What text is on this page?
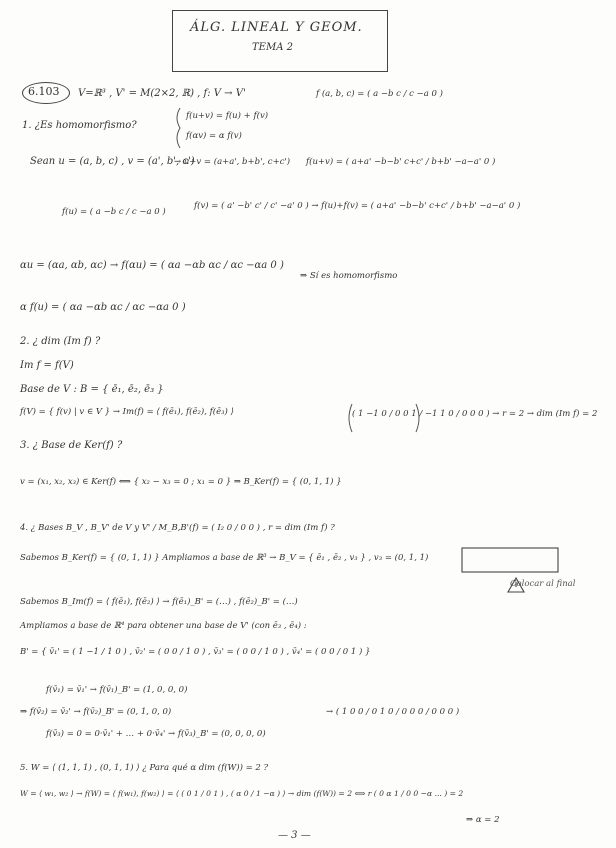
ÁLG. LINEAL Y GEOM.
TEMA 2
6.103 V=ℝ³ , V' = M(2×2, ℝ) , f: V → V'	f (a, b, c) = ( a −b c / c −a 0 )
1. ¿Es homomorfismo?
f(u+v) = f(u) + f(v)
f(αv) = α f(v)
Sean u = (a, b, c) , v = (a', b', c')
→ u+v = (a+a', b+b', c+c') f(u+v) = ( a+a' −b−b' c+c' / b+b' −a−a' 0 )
f(u) = ( a −b c / c −a 0 )
f(v) = ( a' −b' c' / c' −a' 0 ) → f(u)+f(v) = ( a+a' −b−b' c+c' / b+b' −a−a' 0 )
αu = (αa, αb, αc) → f(αu) = ( αa −αb αc / αc −αa 0 )
⇒ Sí es homomorfismo
α f(u) = ( αa −αb αc / αc −αa 0 )
2. ¿ dim (Im f) ?
Im f = f(V)
Base de V : B = { ē₁, ē₂, ē₃ }
f(V) = { f(v) | v ∈ V } → Im(f) = ⟨ f(ē₁), f(ē₂), f(ē₃) ⟩	( 1 −1 0 / 0 0 1 / −1 1 0 / 0 0 0 ) → r = 2 → dim (Im f) = 2
3. ¿ Base de Ker(f) ?
v = (x₁, x₂, x₃) ∈ Ker(f) ⟺ { x₂ − x₃ = 0 ; x₁ = 0 } ⇒ B_Ker(f) = { (0, 1, 1) }
4. ¿ Bases B_V , B_V' de V y V' / M_B,B'(f) = ( I₂ 0 / 0 0 ) , r = dim (Im f) ?
Sabemos B_Ker(f) = { (0, 1, 1) } Ampliamos a base de ℝ³ → B_V = { ē₁ , ē₂ , v₃ } , v₃ = (0, 1, 1)
Colocar al final
Sabemos B_Im(f) = ⟨ f(ē₁), f(ē₂) ⟩ → f(ē₁)_B' = (…) , f(ē₂)_B' = (…)
Ampliamos a base de ℝ⁴ para obtener una base de V' (con ē₃ , ē₄) :
B' = { v̄₁' = ( 1 −1 / 1 0 ) , v̄₂' = ( 0 0 / 1 0 ) , v̄₃' = ( 0 0 / 1 0 ) , v̄₄' = ( 0 0 / 0 1 ) }
f(v̄₁) = v̄₁' → f(v̄₁)_B' = (1, 0, 0, 0)
⇒ f(v̄₂) = v̄₂' → f(v̄₂)_B' = (0, 1, 0, 0)
f(v̄₃) = 0 = 0·v̄₁' + … + 0·v̄₄' → f(v̄₃)_B' = (0, 0, 0, 0)
→ ( 1 0 0 / 0 1 0 / 0 0 0 / 0 0 0 )
5. W = ⟨ (1, 1, 1) , (0, 1, 1) ⟩ ¿ Para qué α dim (f(W)) = 2 ?
W = ⟨ w₁, w₂ ⟩ → f(W) = ⟨ f(w₁), f(w₂) ⟩ = ⟨ ( 0 1 / 0 1 ) , ( α 0 / 1 −α ) ⟩ → dim (f(W)) = 2 ⟺ r ( 0 α 1 / 0 0 −α ... ) = 2
⇒ α = 2
— 3 —
